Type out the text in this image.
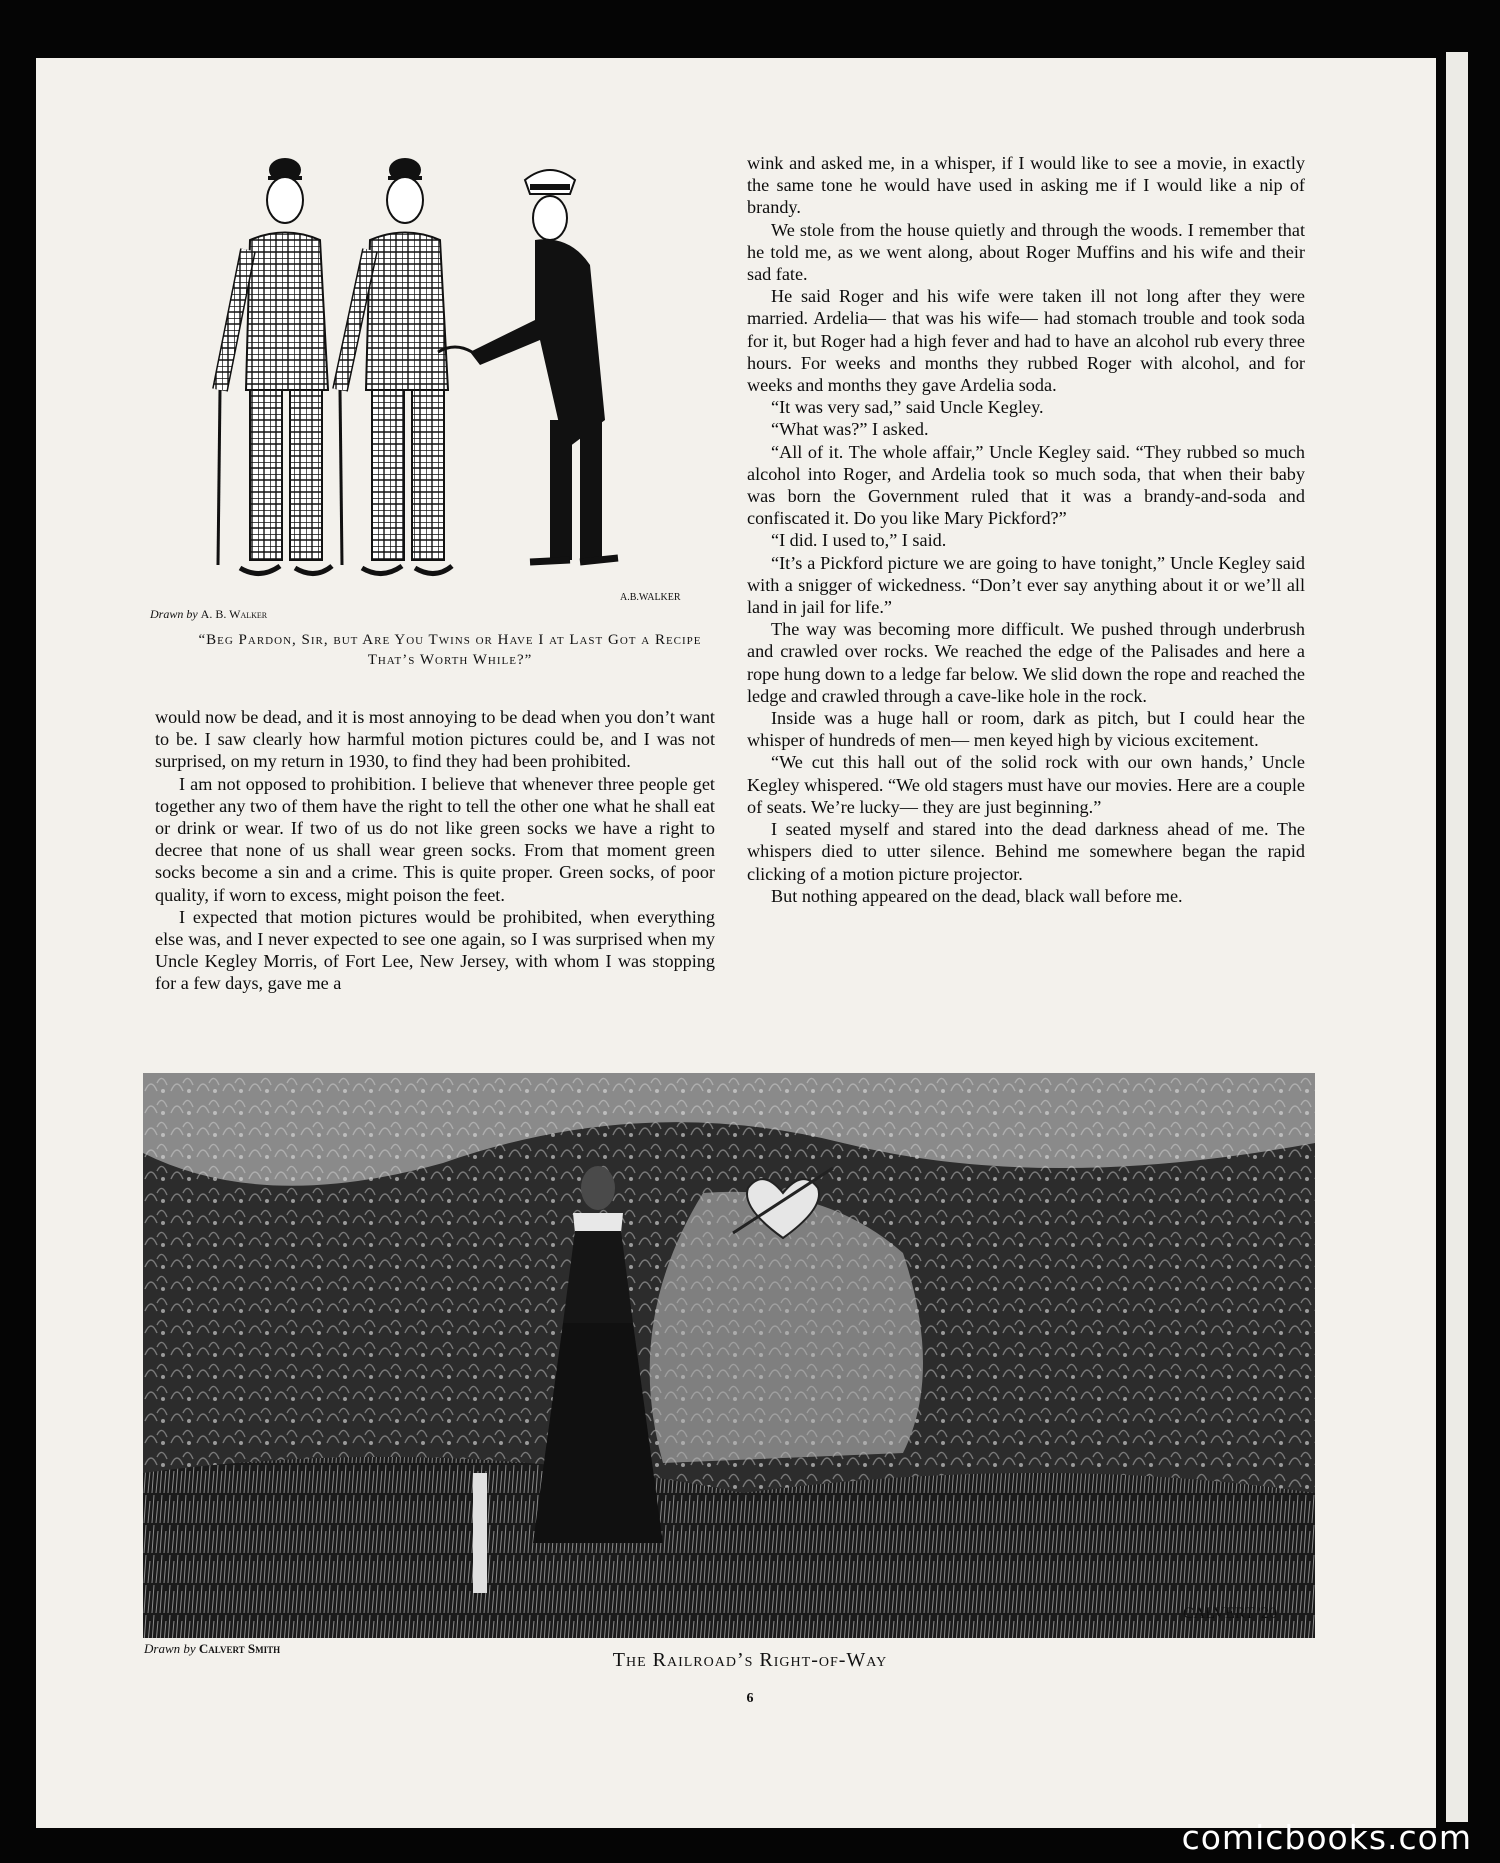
A.B.WALKER
Drawn by A. B. Walker
“Beg Pardon, Sir, but Are You Twins or Have I at Last Got a Recipe That’s Worth While?”

would now be dead, and it is most annoying to be dead when you don’t want to be. I saw clearly how harmful motion pictures could be, and I was not surprised, on my return in 1930, to find they had been prohibited.

I am not opposed to prohibition. I believe that whenever three people get together any two of them have the right to tell the other one what he shall eat or drink or wear. If two of us do not like green socks we have a right to decree that none of us shall wear green socks. From that moment green socks become a sin and a crime. This is quite proper. Green socks, of poor quality, if worn to excess, might poison the feet.

I expected that motion pictures would be prohibited, when everything else was, and I never expected to see one again, so I was surprised when my Uncle Kegley Morris, of Fort Lee, New Jersey, with whom I was stopping for a few days, gave me a

wink and asked me, in a whisper, if I would like to see a movie, in exactly the same tone he would have used in asking me if I would like a nip of brandy.

We stole from the house quietly and through the woods. I remember that he told me, as we went along, about Roger Muffins and his wife and their sad fate.

He said Roger and his wife were taken ill not long after they were married. Ardelia— that was his wife— had stomach trouble and took soda for it, but Roger had a high fever and had to have an alcohol rub every three hours. For weeks and months they rubbed Roger with alcohol, and for weeks and months they gave Ardelia soda.

“It was very sad,” said Uncle Kegley.

“What was?” I asked.

“All of it. The whole affair,” Uncle Kegley said. “They rubbed so much alcohol into Roger, and Ardelia took so much soda, that when their baby was born the Government ruled that it was a brandy-and-soda and confiscated it. Do you like Mary Pickford?”

“I did. I used to,” I said.

“It’s a Pickford picture we are going to have tonight,” Uncle Kegley said with a snigger of wickedness. “Don’t ever say anything about it or we’ll all land in jail for life.”

The way was becoming more difficult. We pushed through underbrush and crawled over rocks. We reached the edge of the Palisades and here a rope hung down to a ledge far below. We slid down the rope and reached the ledge and crawled through a cave-like hole in the rock.

Inside was a huge hall or room, dark as pitch, but I could hear the whisper of hundreds of men— men keyed high by vicious excitement.

“We cut this hall out of the solid rock with our own hands,’ Uncle Kegley whispered. “We old stagers must have our movies. Here are a couple of seats. We’re lucky— they are just beginning.”

I seated myself and stared into the dead darkness ahead of me. The whispers died to utter silence. Behind me somewhere began the rapid clicking of a motion picture projector.

But nothing appeared on the dead, black wall before me.

CALVERT '20
Drawn by Calvert Smith
The Railroad’s Right-of-Way
6
comicbooks.com
